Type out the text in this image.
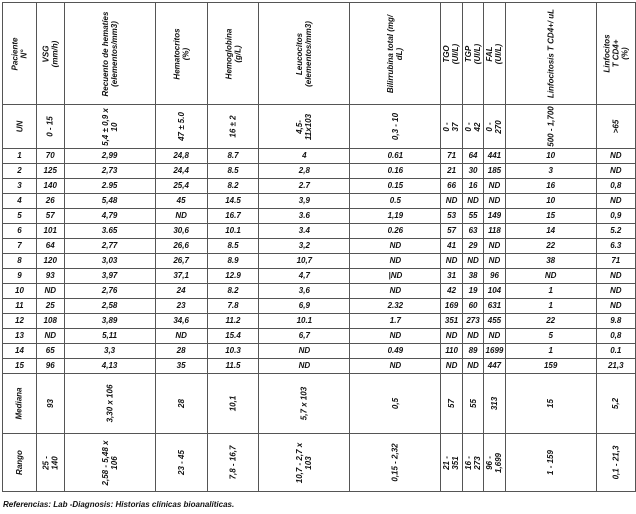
Paciente N°	VSG (mm/h)	Recuento de hematíes (elementos/mm3)	Hematocritos (%)	Hemoglobina (g/L)	Leucocitos (elementos/mm3)	Bilirrubina total (mg/ dL)	TGO (UI/L)	TGP (UI/L)	FAL (UI/L)	Linfocitosis T CD4+/ uL	Linfocitos T CD4+(%)

UN	0 - 15	5,4 ± 0,9 x 10	47 ± 5.0	16 ± 2	4,5- 11x103	0,3 - 10	0 - 37	0 - 42	0 - 270	500 - 1,700	>65

1	70	2,99	24,8	8.7	4	0.61	71	64	441	10	ND
2	125	2,73	24,4	8.5	2,8	0.16	21	30	185	3	ND
3	140	2.95	25,4	8.2	2.7	0.15	66	16	ND	16	0,8
4	26	5,48	45	14.5	3,9	0.5	ND	ND	ND	10	ND
5	57	4,79	ND	16.7	3.6	1,19	53	55	149	15	0,9
6	101	3.65	30,6	10.1	3.4	0.26	57	63	118	14	5.2
7	64	2,77	26,6	8.5	3,2	ND	41	29	ND	22	6.3
8	120	3,03	26,7	8.9	10,7	ND	ND	ND	ND	38	71
9	93	3,97	37,1	12.9	4,7	|ND	31	38	96	ND	ND
10	ND	2,76	24	8.2	3,6	ND	42	19	104	1	ND
11	25	2,58	23	7.8	6,9	2.32	169	60	631	1	ND
12	108	3,89	34,6	11.2	10.1	1.7	351	273	455	22	9.8
13	ND	5,11	ND	15.4	6,7	ND	ND	ND	ND	5	0,8
14	65	3,3	28	10.3	ND	0.49	110	89	1699	1	0.1
15	96	4,13	35	11.5	ND	ND	ND	ND	447	159	21,3

Mediana	93	3,30 x 106	28	10,1	5,7 x 103	0,5	57	55	313	15	5,2

Rango	25 - 140	2,58 - 5,48 x 106	23 - 45	7,8 - 16,7	10,7 - 2,7 x 103	0,15 - 2,32	21 - 351	16 - 273	96 - 1,699	1 - 159	0,1 - 21,3
Referencias: Lab -Diagnosis: Historias clínicas bioanalíticas.
